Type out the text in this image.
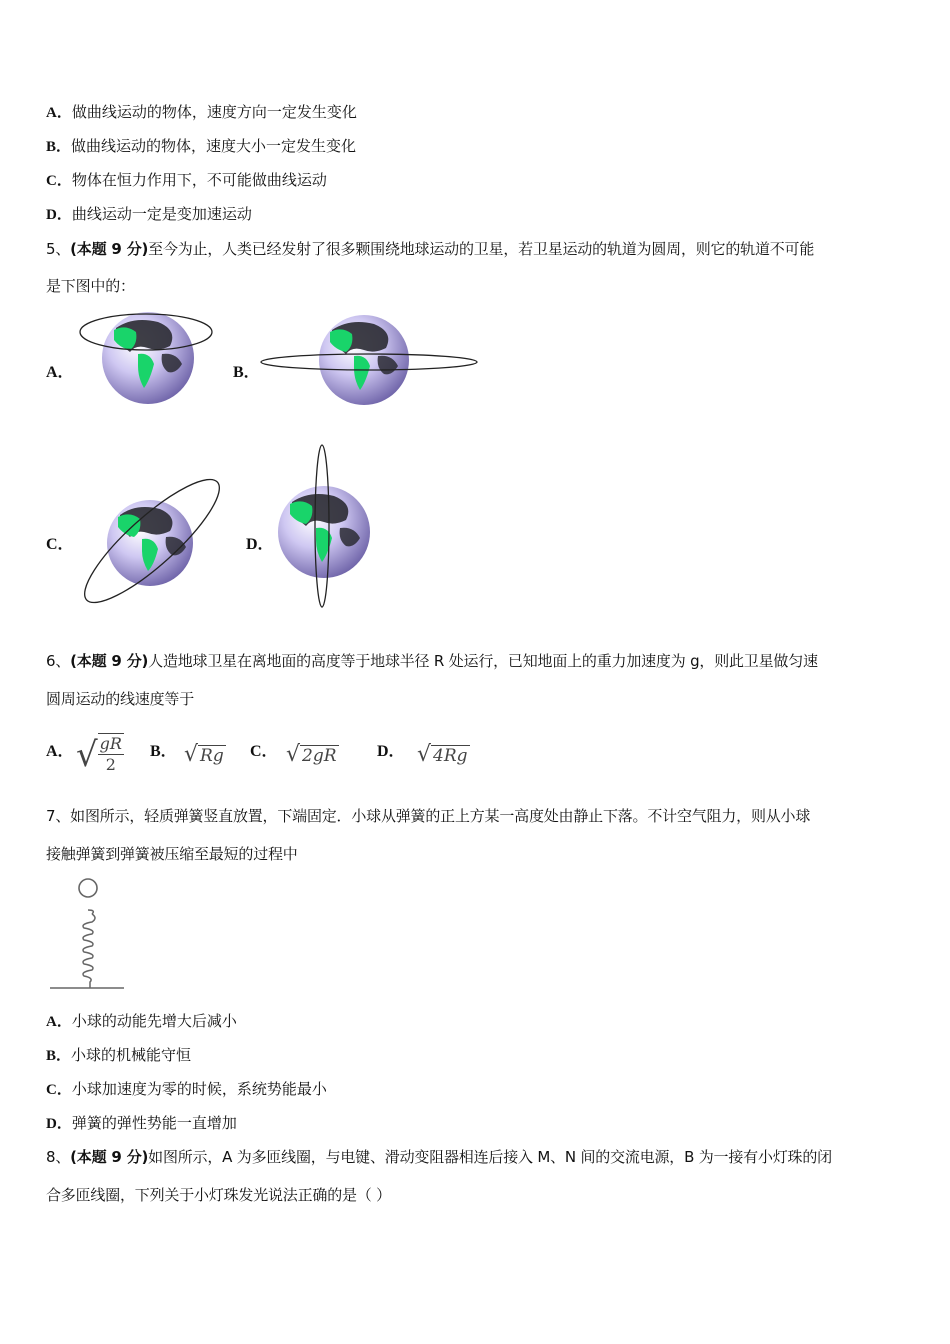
A．做曲线运动的物体，速度方向一定发生变化
B．做曲线运动的物体，速度大小一定发生变化
C．物体在恒力作用下，不可能做曲线运动
D．曲线运动一定是变加速运动
5、(本题 9 分)至今为止，人类已经发射了很多颗围绕地球运动的卫星，若卫星运动的轨道为圆周，则它的轨道不可能
是下图中的：
A．	B．
C．	D．
6、(本题 9 分)人造地球卫星在离地面的高度等于地球半径 R 处运行，已知地面上的重力加速度为 g，则此卫星做匀速
圆周运动的线速度等于
A． √ $\frac{gR}{2}$ B． √ Rg C． √ 2gR	D． √ 4Rg
7、如图所示，轻质弹簧竖直放置，下端固定．小球从弹簧的正上方某一高度处由静止下落。不计空气阻力，则从小球
接触弹簧到弹簧被压缩至最短的过程中
A．小球的动能先增大后减小
B．小球的机械能守恒
C．小球加速度为零的时候，系统势能最小
D．弹簧的弹性势能一直增加
8、(本题 9 分)如图所示，A 为多匝线圈，与电键、滑动变阻器相连后接入 M、N 间的交流电源，B 为一接有小灯珠的闭
合多匝线圈，下列关于小灯珠发光说法正确的是（ ）
